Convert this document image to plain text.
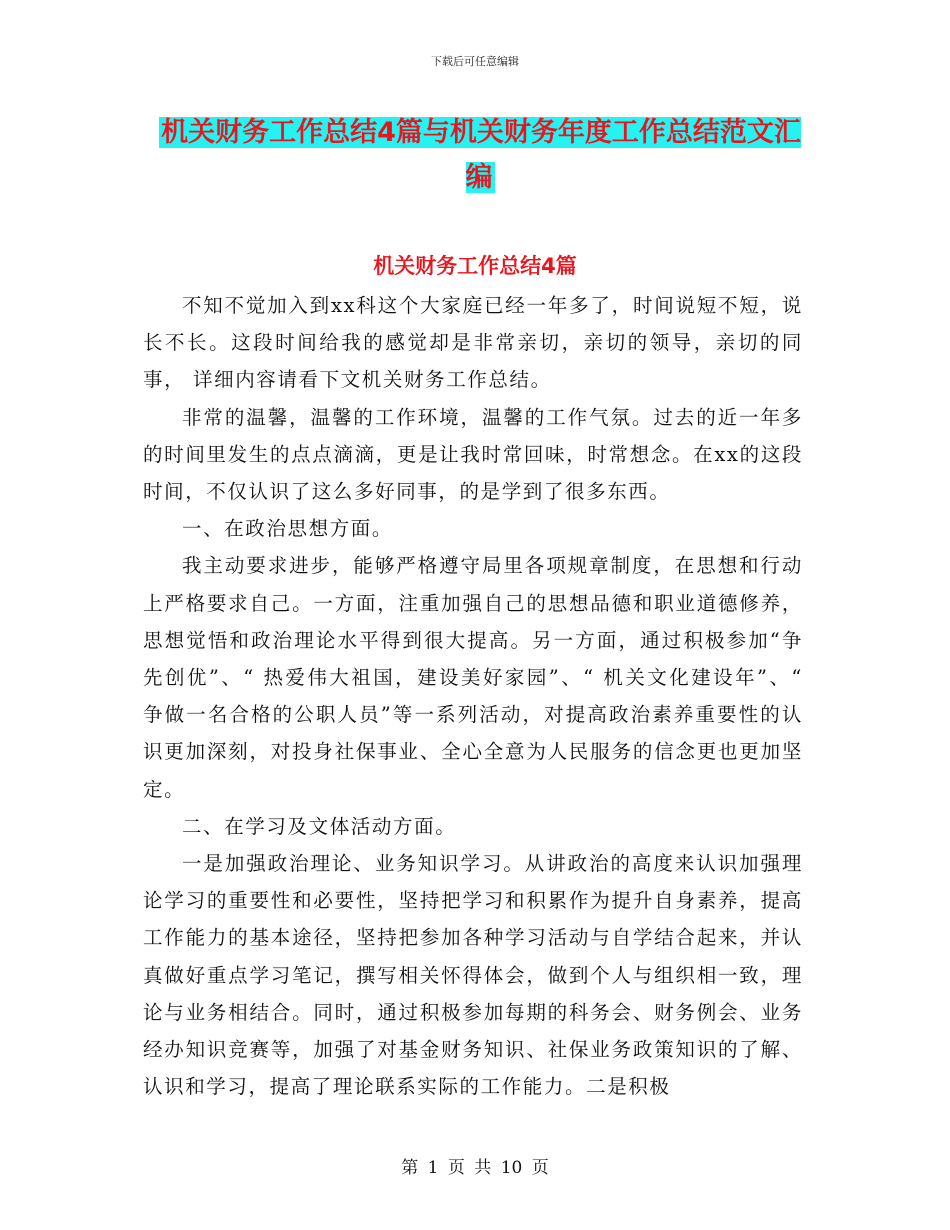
下载后可任意编辑
机关财务工作总结4篇与机关财务年度工作总结范文汇编
机关财务工作总结4篇

不知不觉加入到xx科这个大家庭已经一年多了，时间说短不短，说长不长。这段时间给我的感觉却是非常亲切，亲切的领导，亲切的同事， 详细内容请看下文机关财务工作总结。

非常的温馨，温馨的工作环境，温馨的工作气氛。过去的近一年多的时间里发生的点点滴滴，更是让我时常回味，时常想念。在xx的这段时间，不仅认识了这么多好同事，的是学到了很多东西。

一、在政治思想方面。

我主动要求进步，能够严格遵守局里各项规章制度，在思想和行动上严格要求自己。一方面，注重加强自己的思想品德和职业道德修养，思想觉悟和政治理论水平得到很大提高。另一方面，通过积极参加“争先创优”、“ 热爱伟大祖国，建设美好家园”、“ 机关文化建设年”、“ 争做一名合格的公职人员”等一系列活动，对提高政治素养重要性的认识更加深刻，对投身社保事业、全心全意为人民服务的信念更也更加坚定。

二、在学习及文体活动方面。

一是加强政治理论、业务知识学习。从讲政治的高度来认识加强理论学习的重要性和必要性，坚持把学习和积累作为提升自身素养，提高工作能力的基本途径，坚持把参加各种学习活动与自学结合起来，并认真做好重点学习笔记，撰写相关怀得体会，做到个人与组织相一致，理论与业务相结合。同时，通过积极参加每期的科务会、财务例会、业务经办知识竞赛等，加强了对基金财务知识、社保业务政策知识的了解、认识和学习，提高了理论联系实际的工作能力。二是积极

第 1 页 共 10 页
